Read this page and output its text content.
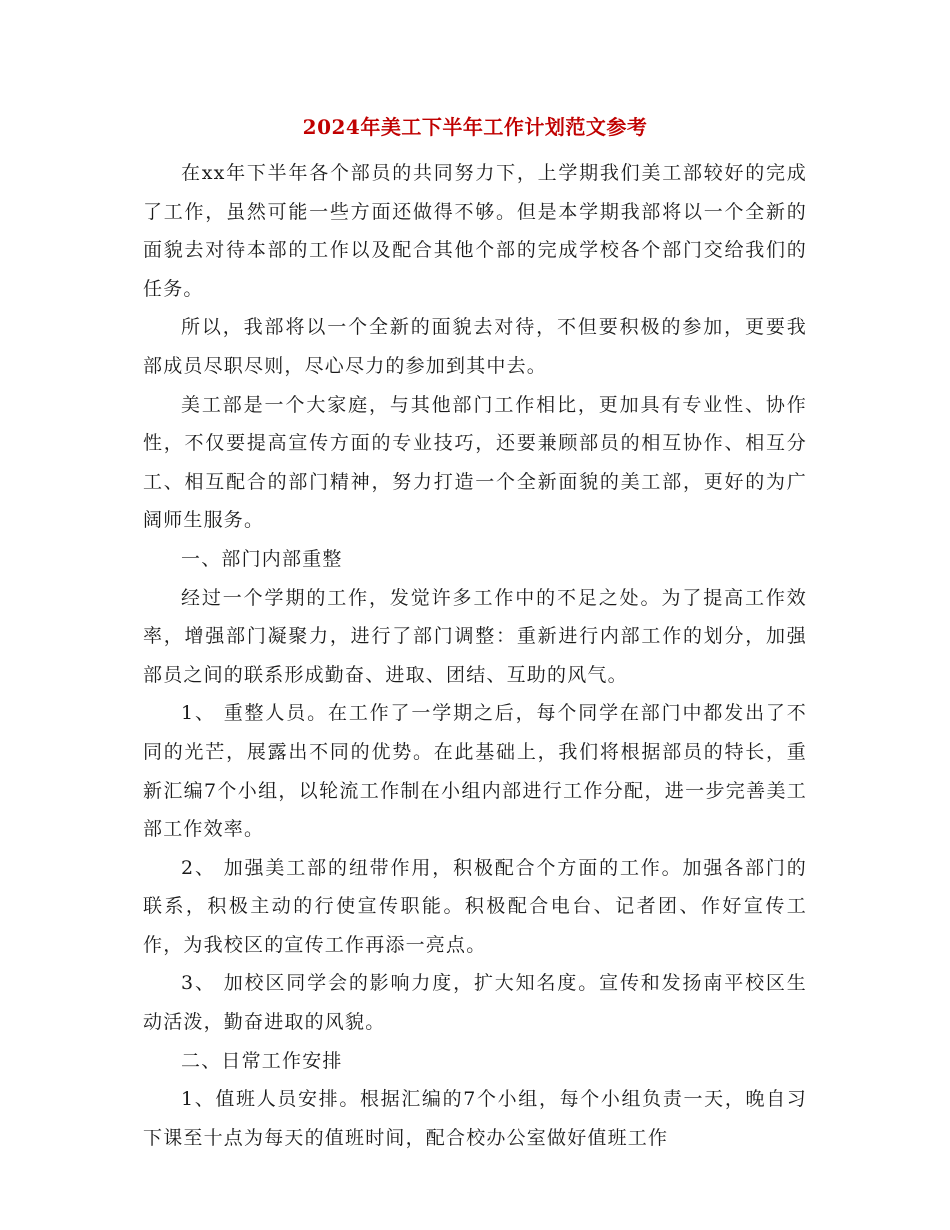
2024年美工下半年工作计划范文参考

在xx年下半年各个部员的共同努力下，上学期我们美工部较好的完成了工作，虽然可能一些方面还做得不够。但是本学期我部将以一个全新的面貌去对待本部的工作以及配合其他个部的完成学校各个部门交给我们的任务。

所以，我部将以一个全新的面貌去对待，不但要积极的参加，更要我部成员尽职尽则，尽心尽力的参加到其中去。

美工部是一个大家庭，与其他部门工作相比，更加具有专业性、协作性，不仅要提高宣传方面的专业技巧，还要兼顾部员的相互协作、相互分工、相互配合的部门精神，努力打造一个全新面貌的美工部，更好的为广阔师生服务。

一、部门内部重整

经过一个学期的工作，发觉许多工作中的不足之处。为了提高工作效率，增强部门凝聚力，进行了部门调整：重新进行内部工作的划分，加强部员之间的联系形成勤奋、进取、团结、互助的风气。

1、 重整人员。在工作了一学期之后，每个同学在部门中都发出了不同的光芒，展露出不同的优势。在此基础上，我们将根据部员的特长，重新汇编7个小组，以轮流工作制在小组内部进行工作分配，进一步完善美工部工作效率。

2、 加强美工部的纽带作用，积极配合个方面的工作。加强各部门的联系，积极主动的行使宣传职能。积极配合电台、记者团、作好宣传工作，为我校区的宣传工作再添一亮点。

3、 加校区同学会的影响力度，扩大知名度。宣传和发扬南平校区生动活泼，勤奋进取的风貌。

二、日常工作安排

1、值班人员安排。根据汇编的7个小组，每个小组负责一天，晚自习下课至十点为每天的值班时间，配合校办公室做好值班工作
